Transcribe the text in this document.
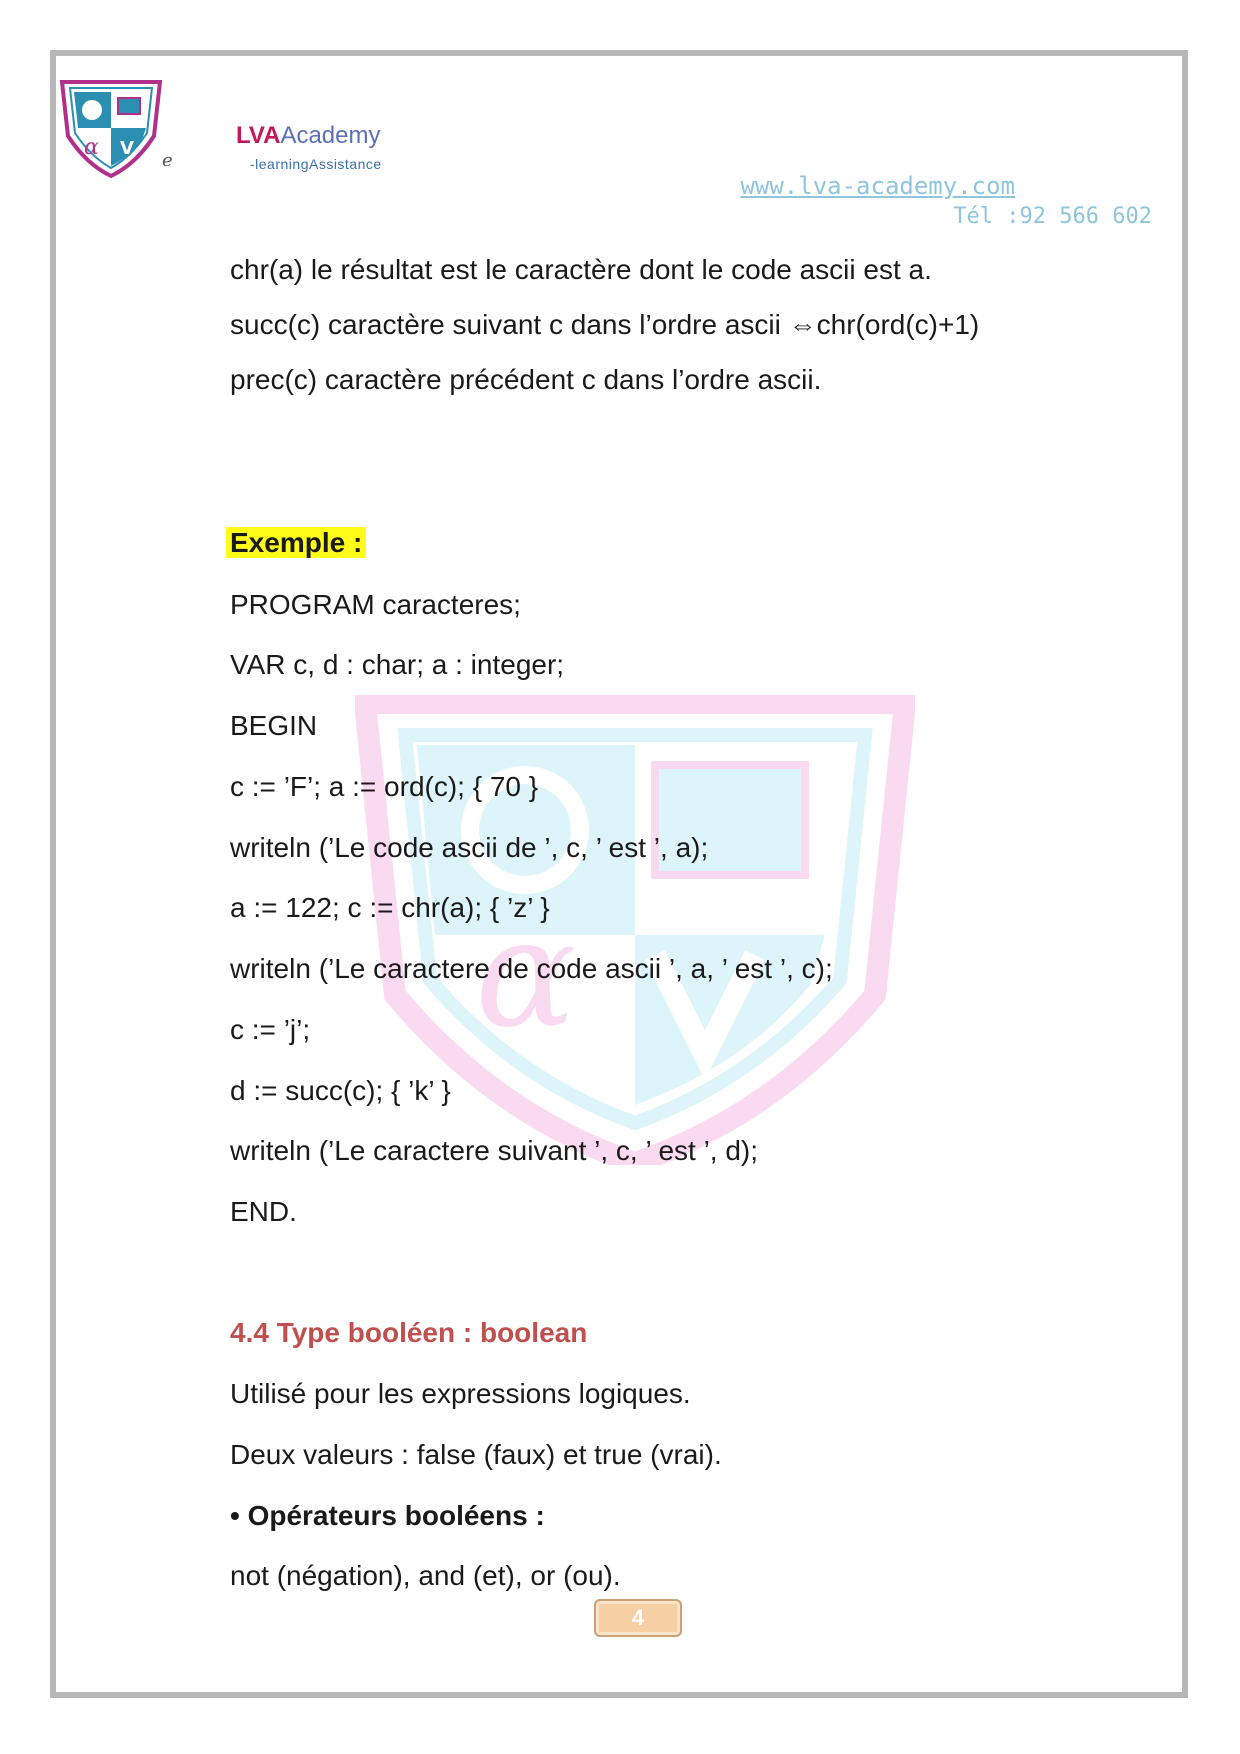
α V
e
LVAAcademy
-learningAssistance
www.lva-academy.com
Tél :92 566 602
α
chr(a) le résultat est le caractère dont le code ascii est a.
succ(c) caractère suivant c dans l’ordre ascii ⇔chr(ord(c)+1)
prec(c) caractère précédent c dans l’ordre ascii.
Exemple :
PROGRAM caracteres;
VAR c, d : char; a : integer;
BEGIN
c := ’F’; a := ord(c); { 70 }
writeln (’Le code ascii de ’, c, ’ est ’, a);
a := 122; c := chr(a); { ’z’ }
writeln (’Le caractere de code ascii ’, a, ’ est ’, c);
c := ’j’;
d := succ(c); { ’k’ }
writeln (’Le caractere suivant ’, c, ’ est ’, d);
END.
4.4 Type booléen : boolean
Utilisé pour les expressions logiques.
Deux valeurs : false (faux) et true (vrai).
• Opérateurs booléens :
not (négation), and (et), or (ou).
4
